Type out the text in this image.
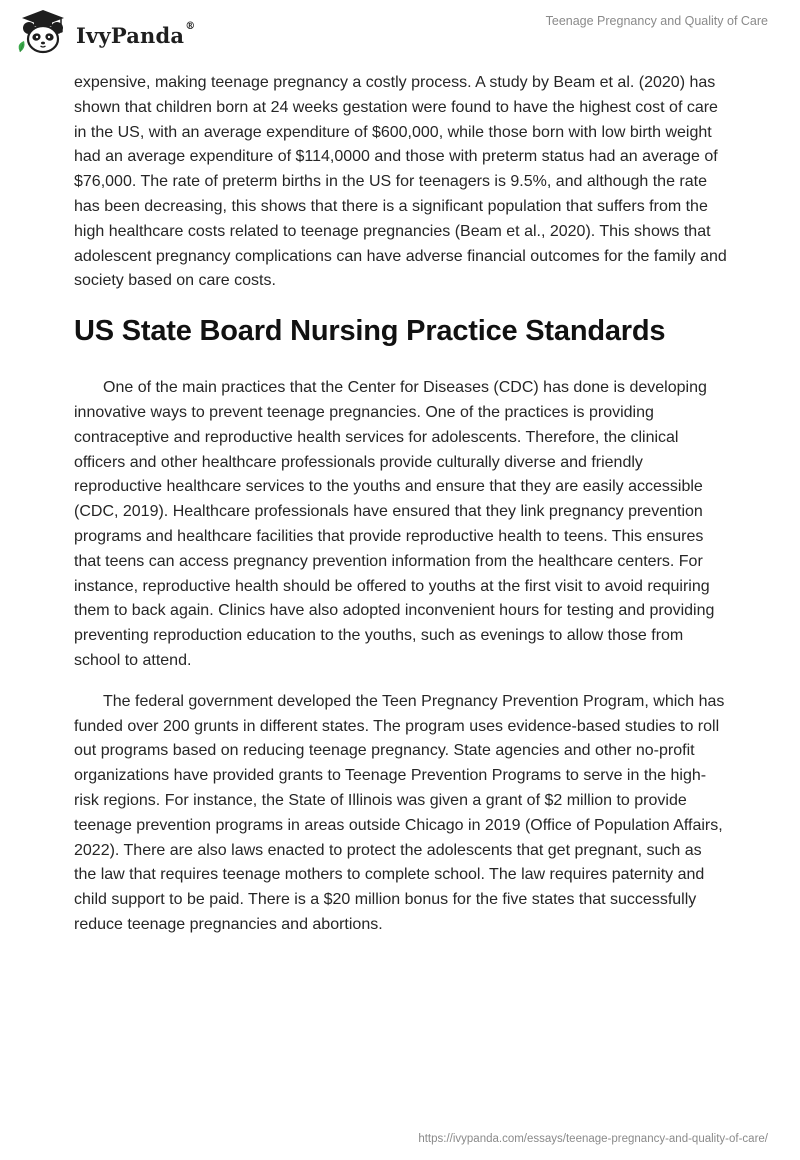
IvyPanda®	Teenage Pregnancy and Quality of Care

expensive, making teenage pregnancy a costly process. A study by Beam et al. (2020) has shown that children born at 24 weeks gestation were found to have the highest cost of care in the US, with an average expenditure of $600,000, while those born with low birth weight had an average expenditure of $114,0000 and those with preterm status had an average of $76,000. The rate of preterm births in the US for teenagers is 9.5%, and although the rate has been decreasing, this shows that there is a significant population that suffers from the high healthcare costs related to teenage pregnancies (Beam et al., 2020). This shows that adolescent pregnancy complications can have adverse financial outcomes for the family and society based on care costs.

US State Board Nursing Practice Standards

One of the main practices that the Center for Diseases (CDC) has done is developing innovative ways to prevent teenage pregnancies. One of the practices is providing contraceptive and reproductive health services for adolescents. Therefore, the clinical officers and other healthcare professionals provide culturally diverse and friendly reproductive healthcare services to the youths and ensure that they are easily accessible (CDC, 2019). Healthcare professionals have ensured that they link pregnancy prevention programs and healthcare facilities that provide reproductive health to teens. This ensures that teens can access pregnancy prevention information from the healthcare centers. For instance, reproductive health should be offered to youths at the first visit to avoid requiring them to back again. Clinics have also adopted inconvenient hours for testing and providing preventing reproduction education to the youths, such as evenings to allow those from school to attend.

The federal government developed the Teen Pregnancy Prevention Program, which has funded over 200 grunts in different states. The program uses evidence-based studies to roll out programs based on reducing teenage pregnancy. State agencies and other no-profit organizations have provided grants to Teenage Prevention Programs to serve in the high-risk regions. For instance, the State of Illinois was given a grant of $2 million to provide teenage prevention programs in areas outside Chicago in 2019 (Office of Population Affairs, 2022). There are also laws enacted to protect the adolescents that get pregnant, such as the law that requires teenage mothers to complete school. The law requires paternity and child support to be paid. There is a $20 million bonus for the five states that successfully reduce teenage pregnancies and abortions.

https://ivypanda.com/essays/teenage-pregnancy-and-quality-of-care/
